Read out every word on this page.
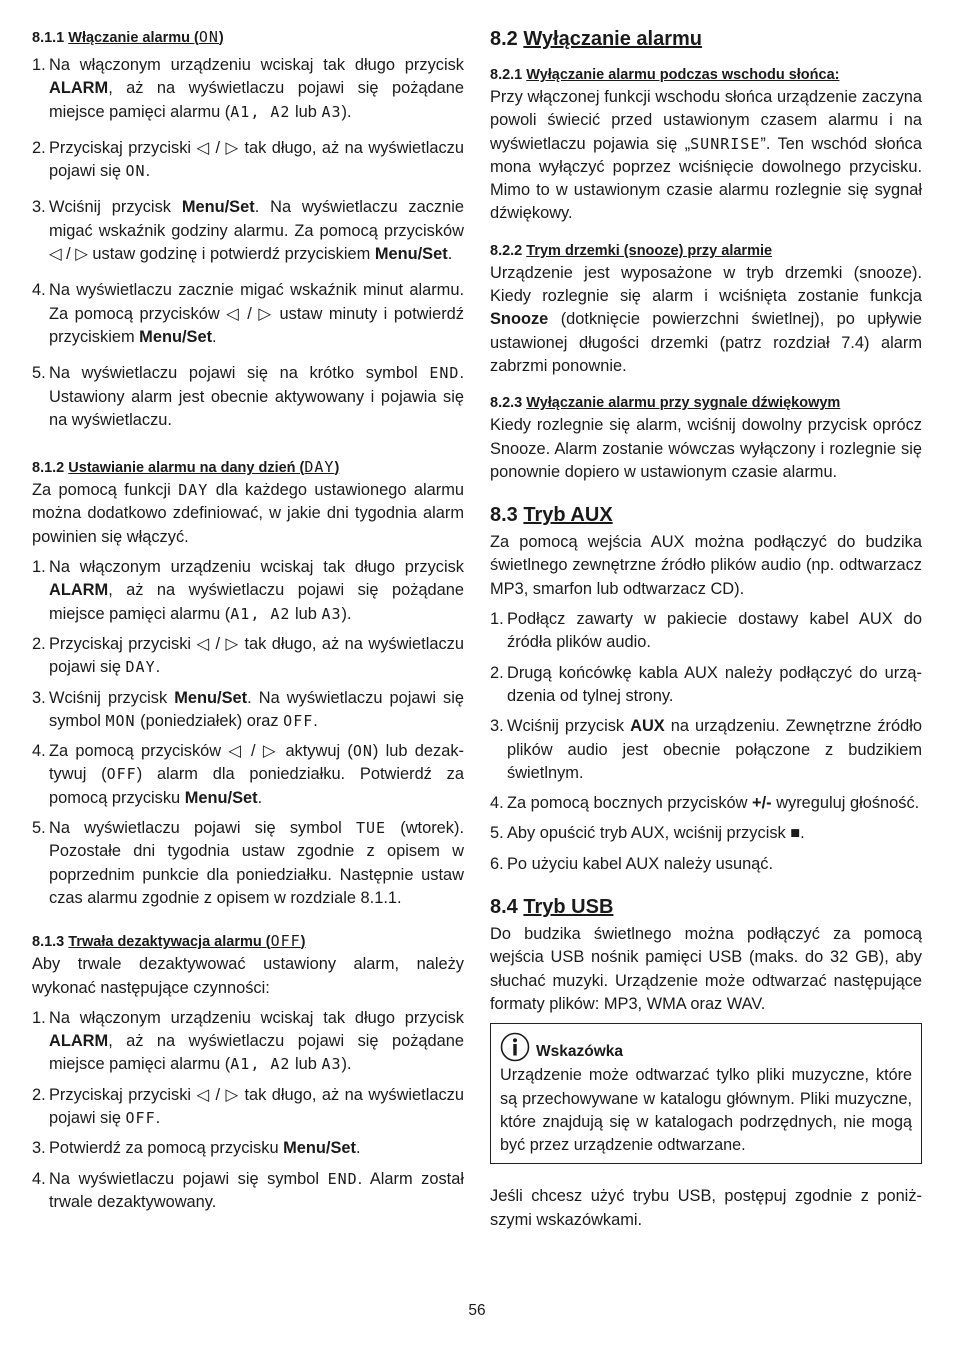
8.1.1 Włączanie alarmu (ON)
1. Na włączonym urządzeniu wciskaj tak długo przycisk ALARM, aż na wyświetlaczu pojawi się pożądane miejsce pamięci alarmu (A1, A2 lub A3).
2. Przyciskaj przyciski ◁ / ▷ tak długo, aż na wyświetlaczu pojawi się ON.
3. Wciśnij przycisk Menu/Set. Na wyświetlaczu zacznie migać wskaźnik godziny alarmu. Za pomocą przycisków ◁ / ▷ ustaw godzinę i potwierdź przyciskiem Menu/Set.
4. Na wyświetlaczu zacznie migać wskaźnik minut alarmu. Za pomocą przycisków ◁ / ▷ ustaw minuty i potwierdź przyciskiem Menu/Set.
5. Na wyświetlaczu pojawi się na krótko symbol END. Ustawiony alarm jest obecnie aktywowany i pojawia się na wyświetlaczu.
8.1.2 Ustawianie alarmu na dany dzień (DAY)

Za pomocą funkcji DAY dla każdego ustawionego alarmu można dodatkowo zdefiniować, w jakie dni tygodnia alarm powinien się włączyć.

1. Na włączonym urządzeniu wciskaj tak długo przycisk ALARM, aż na wyświetlaczu pojawi się pożądane miejsce pamięci alarmu (A1, A2 lub A3).
2. Przyciskaj przyciski ◁ / ▷ tak długo, aż na wyświetlaczu pojawi się DAY.
3. Wciśnij przycisk Menu/Set. Na wyświetlaczu pojawi się symbol MON (poniedziałek) oraz OFF.
4. Za pomocą przycisków ◁ / ▷ aktywuj (ON) lub dezaktywuj (OFF) alarm dla poniedziałku. Potwierdź za pomocą przycisku Menu/Set.
5. Na wyświetlaczu pojawi się symbol TUE (wtorek). Pozostałe dni tygodnia ustaw zgodnie z opisem w poprzednim punkcie dla poniedziałku. Następnie ustaw czas alarmu zgodnie z opisem w rozdziale 8.1.1.
8.1.3 Trwała dezaktywacja alarmu (OFF)

Aby trwale dezaktywować ustawiony alarm, należy wykonać następujące czynności:

1. Na włączonym urządzeniu wciskaj tak długo przycisk ALARM, aż na wyświetlaczu pojawi się pożądane miejsce pamięci alarmu (A1, A2 lub A3).
2. Przyciskaj przyciski ◁ / ▷ tak długo, aż na wyświetlaczu pojawi się OFF.
3. Potwierdź za pomocą przycisku Menu/Set.
4. Na wyświetlaczu pojawi się symbol END. Alarm został trwale dezaktywowany.
8.2 Wyłączanie alarmu
8.2.1 Wyłączanie alarmu podczas wschodu słońca:

Przy włączonej funkcji wschodu słońca urządzenie zaczyna powoli świecić przed ustawionym czasem alarmu i na wyświetlaczu pojawia się „SUNRISE”. Ten wschód słońca mona wyłączyć poprzez wciśnięcie dowolnego przycisku. Mimo to w ustawionym czasie alarmu rozlegnie się sygnał dźwiękowy.

8.2.2 Trym drzemki (snooze) przy alarmie

Urządzenie jest wyposażone w tryb drzemki (snooze). Kiedy rozlegnie się alarm i wciśnięta zostanie funkcja Snooze (dotknięcie powierzchni świetlnej), po upływie ustawionej długości drzemki (patrz rozdział 7.4) alarm zabrzmi ponownie.

8.2.3 Wyłączanie alarmu przy sygnale dźwiękowym

Kiedy rozlegnie się alarm, wciśnij dowolny przycisk oprócz Snooze. Alarm zostanie wówczas wyłączony i rozlegnie się ponownie dopiero w ustawionym czasie alarmu.

8.3 Tryb AUX

Za pomocą wejścia AUX można podłączyć do budzika świetlnego zewnętrzne źródło plików audio (np. odtwarzacz MP3, smarfon lub odtwarzacz CD).

1. Podłącz zawarty w pakiecie dostawy kabel AUX do źródła plików audio.
2. Drugą końcówkę kabla AUX należy podłączyć do urządzenia od tylnej strony.
3. Wciśnij przycisk AUX na urządzeniu. Zewnętrzne źródło plików audio jest obecnie połączone z budzikiem świetlnym.
4. Za pomocą bocznych przycisków +/- wyreguluj głośność.
5. Aby opuścić tryb AUX, wciśnij przycisk ■.
6. Po użyciu kabel AUX należy usunąć.
8.4 Tryb USB

Do budzika świetlnego można podłączyć za pomocą wejścia USB nośnik pamięci USB (maks. do 32 GB), aby słuchać muzyki. Urządzenie może odtwarzać następujące formaty plików: MP3, WMA oraz WAV.

Wskazówka

Urządzenie może odtwarzać tylko pliki muzyczne, które są przechowywane w katalogu głównym. Pliki muzyczne, które znajdują się w katalogach podrzędnych, nie mogą być przez urządzenie odtwarzane.

Jeśli chcesz użyć trybu USB, postępuj zgodnie z poniższymi wskazówkami.

56
